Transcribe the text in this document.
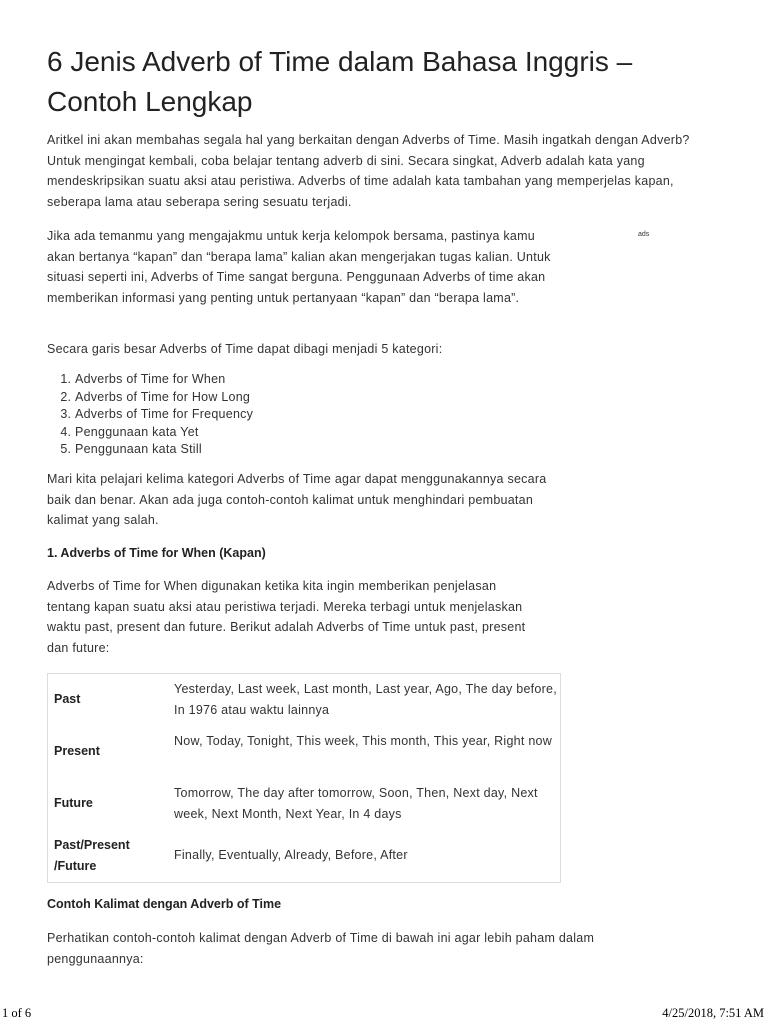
6 Jenis Adverb of Time dalam Bahasa Inggris – Contoh Lengkap

Aritkel ini akan membahas segala hal yang berkaitan dengan Adverbs of Time. Masih ingatkah dengan Adverb? Untuk mengingat kembali, coba belajar tentang adverb di sini. Secara singkat, Adverb adalah kata yang mendeskripsikan suatu aksi atau peristiwa. Adverbs of time adalah kata tambahan yang memperjelas kapan, seberapa lama atau seberapa sering sesuatu terjadi.

Jika ada temanmu yang mengajakmu untuk kerja kelompok bersama, pastinya kamu akan bertanya “kapan” dan “berapa lama” kalian akan mengerjakan tugas kalian. Untuk situasi seperti ini, Adverbs of Time sangat berguna. Penggunaan Adverbs of time akan memberikan informasi yang penting untuk pertanyaan “kapan” dan “berapa lama”.

Secara garis besar Adverbs of Time dapat dibagi menjadi 5 kategori:

1. Adverbs of Time for When
2. Adverbs of Time for How Long
3. Adverbs of Time for Frequency
4. Penggunaan kata Yet
5. Penggunaan kata Still

Mari kita pelajari kelima kategori Adverbs of Time agar dapat menggunakannya secara baik dan benar. Akan ada juga contoh-contoh kalimat untuk menghindari pembuatan kalimat yang salah.

1. Adverbs of Time for When (Kapan)

Adverbs of Time for When digunakan ketika kita ingin memberikan penjelasan tentang kapan suatu aksi atau peristiwa terjadi. Mereka terbagi untuk menjelaskan waktu past, present dan future. Berikut adalah Adverbs of Time untuk past, present dan future:

Past
Yesterday, Last week, Last month, Last year, Ago, The day before, In 1976 atau waktu lainnya
Present
Now, Today, Tonight, This week, This month, This year, Right now
Future
Tomorrow, The day after tomorrow, Soon, Then, Next day, Next week, Next Month, Next Year, In 4 days
Past/Present /Future
Finally, Eventually, Already, Before, After

Contoh Kalimat dengan Adverb of Time

Perhatikan contoh-contoh kalimat dengan Adverb of Time di bawah ini agar lebih paham dalam penggunaannya:

ads
1 of 6	4/25/2018, 7:51 AM
